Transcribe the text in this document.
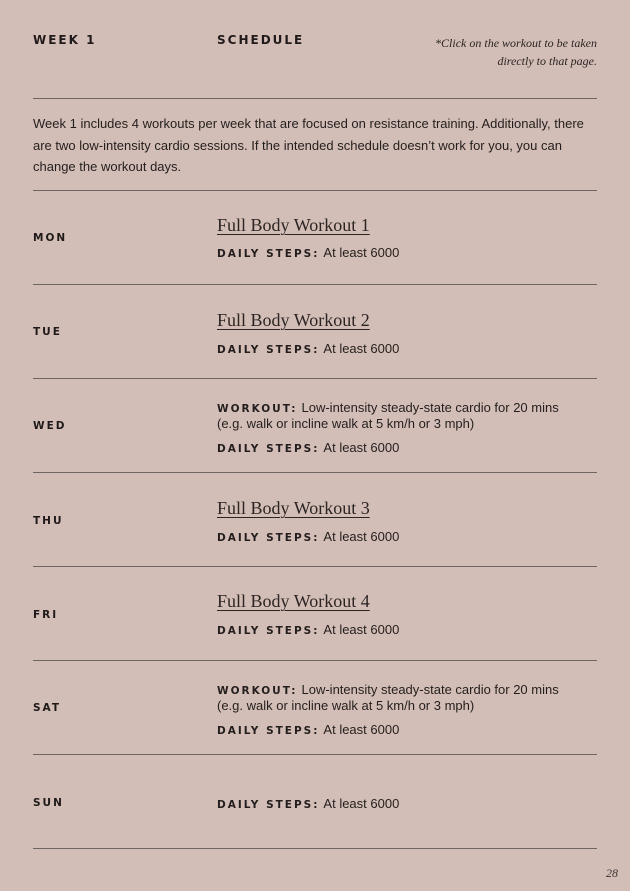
WEEK 1	SCHEDULE	*Click on the workout to be taken directly to that page.
Week 1 includes 4 workouts per week that are focused on resistance training. Additionally, there are two low-intensity cardio sessions. If the intended schedule doesn’t work for you, you can change the workout days.
MON
Full Body Workout 1
DAILY STEPS: At least 6000
TUE
Full Body Workout 2
DAILY STEPS: At least 6000
WED
WORKOUT: Low-intensity steady-state cardio for 20 mins
(e.g. walk or incline walk at 5 km/h or 3 mph)
DAILY STEPS: At least 6000
THU
Full Body Workout 3
DAILY STEPS: At least 6000
FRI
Full Body Workout 4
DAILY STEPS: At least 6000
SAT
WORKOUT: Low-intensity steady-state cardio for 20 mins
(e.g. walk or incline walk at 5 km/h or 3 mph)
DAILY STEPS: At least 6000
SUN	DAILY STEPS: At least 6000
28
